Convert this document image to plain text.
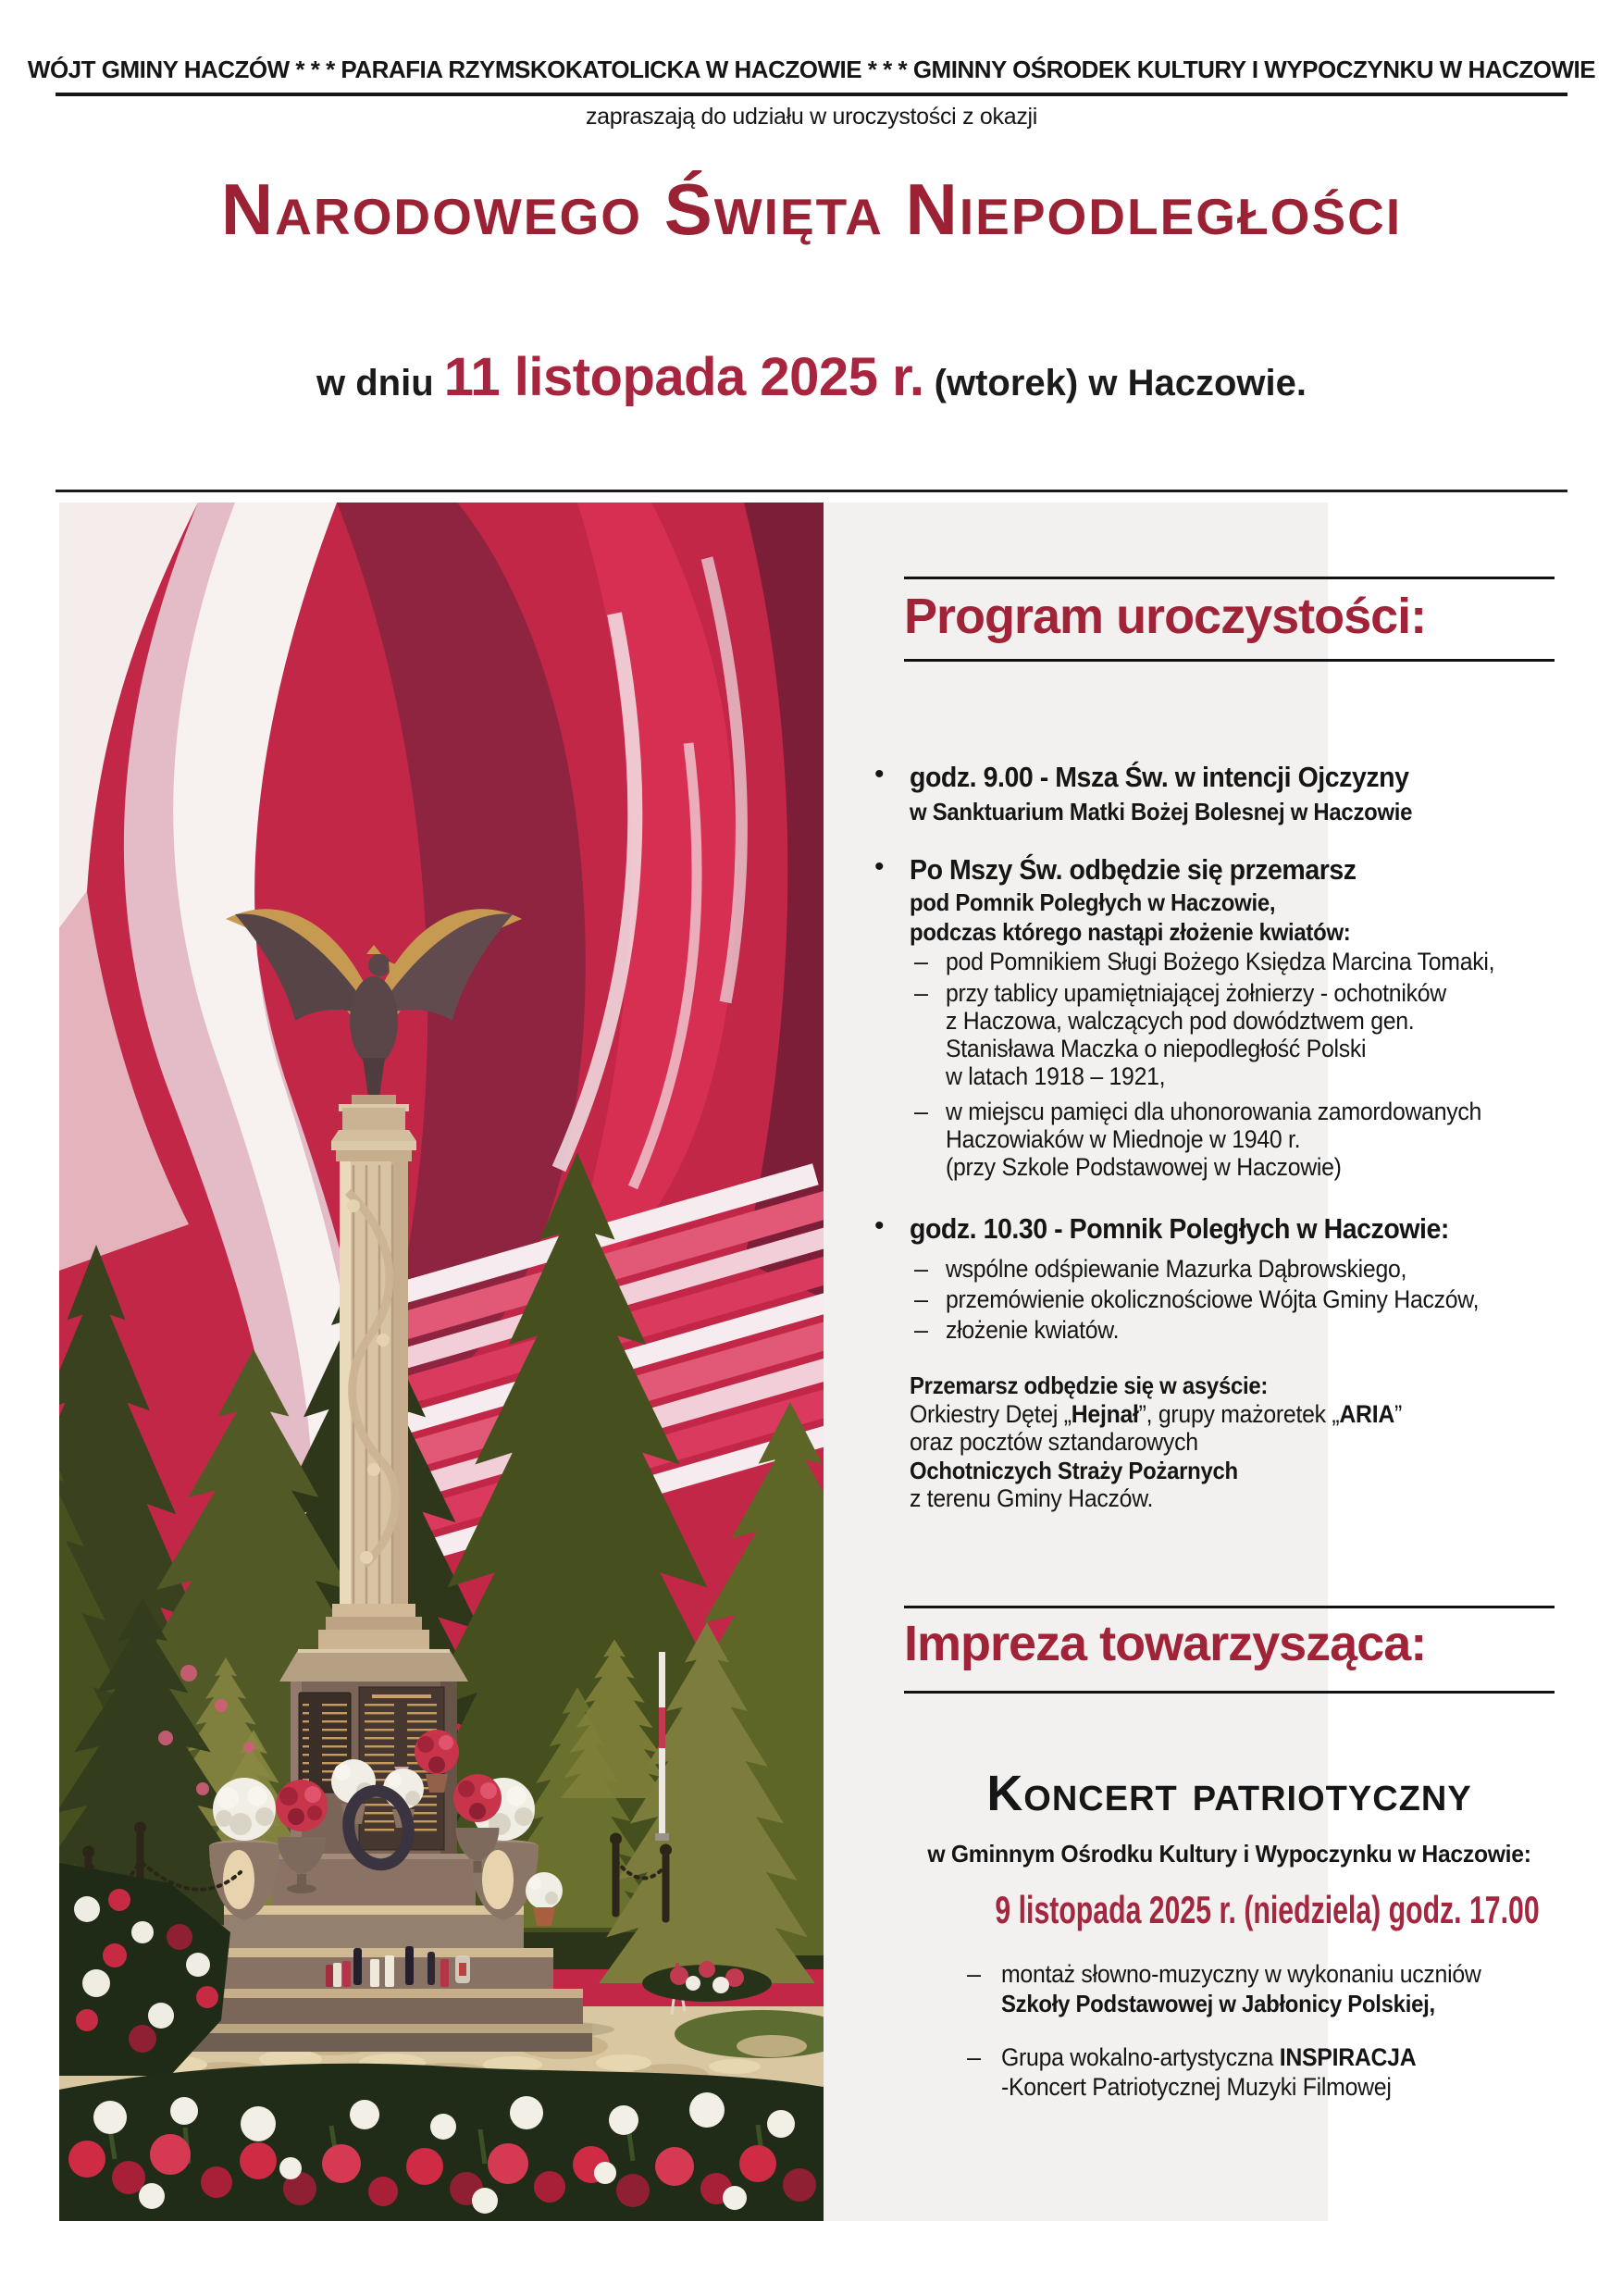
WÓJT GMINY HACZÓW * * * PARAFIA RZYMSKOKATOLICKA W HACZOWIE * * * GMINNY OŚRODEK KULTURY I WYPOCZYNKU W HACZOWIE
zapraszają do udziału w uroczystości z okazji
Narodowego Święta Niepodległości
w dniu 11 listopada 2025 r. (wtorek) w Haczowie.
Program uroczystości:
• godz. 9.00 - Msza Św. w intencji Ojczyzny
w Sanktuarium Matki Bożej Bolesnej w Haczowie
• Po Mszy Św. odbędzie się przemarsz
pod Pomnik Poległych w Haczowie,
podczas którego nastąpi złożenie kwiatów:
– pod Pomnikiem Sługi Bożego Księdza Marcina Tomaki,
– przy tablicy upamiętniającej żołnierzy - ochotników
z Haczowa, walczących pod dowództwem gen.
Stanisława Maczka o niepodległość Polski
w latach 1918 – 1921,
– w miejscu pamięci dla uhonorowania zamordowanych
Haczowiaków w Miednoje w 1940 r.
(przy Szkole Podstawowej w Haczowie)
• godz. 10.30 - Pomnik Poległych w Haczowie:
– wspólne odśpiewanie Mazurka Dąbrowskiego,
– przemówienie okolicznościowe Wójta Gminy Haczów,
– złożenie kwiatów.
Przemarsz odbędzie się w asyście:
Orkiestry Dętej „Hejnał”, grupy mażoretek „ARIA”
oraz pocztów sztandarowych
Ochotniczych Straży Pożarnych
z terenu Gminy Haczów.
Impreza towarzysząca:
Koncert patriotyczny
w Gminnym Ośrodku Kultury i Wypoczynku w Haczowie:
9 listopada 2025 r. (niedziela) godz. 17.00
– montaż słowno-muzyczny w wykonaniu uczniów
Szkoły Podstawowej w Jabłonicy Polskiej,
– Grupa wokalno-artystyczna INSPIRACJA
-Koncert Patriotycznej Muzyki Filmowej
